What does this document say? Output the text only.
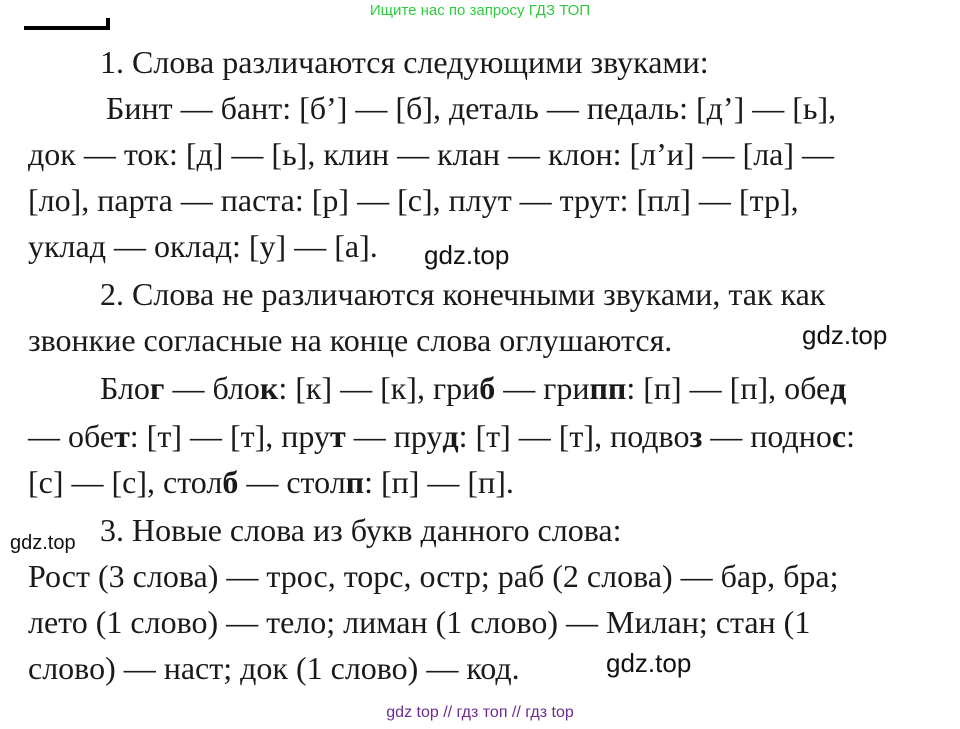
Ищите нас по запросу ГДЗ ТОП
1. Слова различаются следующими звуками:
Бинт — бант: [б’] — [б], деталь — педаль: [д’] — [ь],
док — ток: [д] — [ь], клин — клан — клон: [л’и] — [ла] —
[ло], парта — паста: [р] — [с], плут — трут: [пл] — [тр],
уклад — оклад: [у] — [а].
2. Слова не различаются конечными звуками, так как
звонкие согласные на конце слова оглушаются.
Блог — блок: [к] — [к], гриб — грипп: [п] — [п], обед
— обет: [т] — [т], прут — пруд: [т] — [т], подвоз — поднос:
[с] — [с], столб — столп: [п] — [п].
3. Новые слова из букв данного слова:
Рост (3 слова) — трос, торс, остр; раб (2 слова) — бар, бра;
лето (1 слово) — тело; лиман (1 слово) — Милан; стан (1
слово) — наст; док (1 слово) — код.
gdz.top
gdz.top
gdz.top
gdz.top
gdz top // гдз топ // гдз top
